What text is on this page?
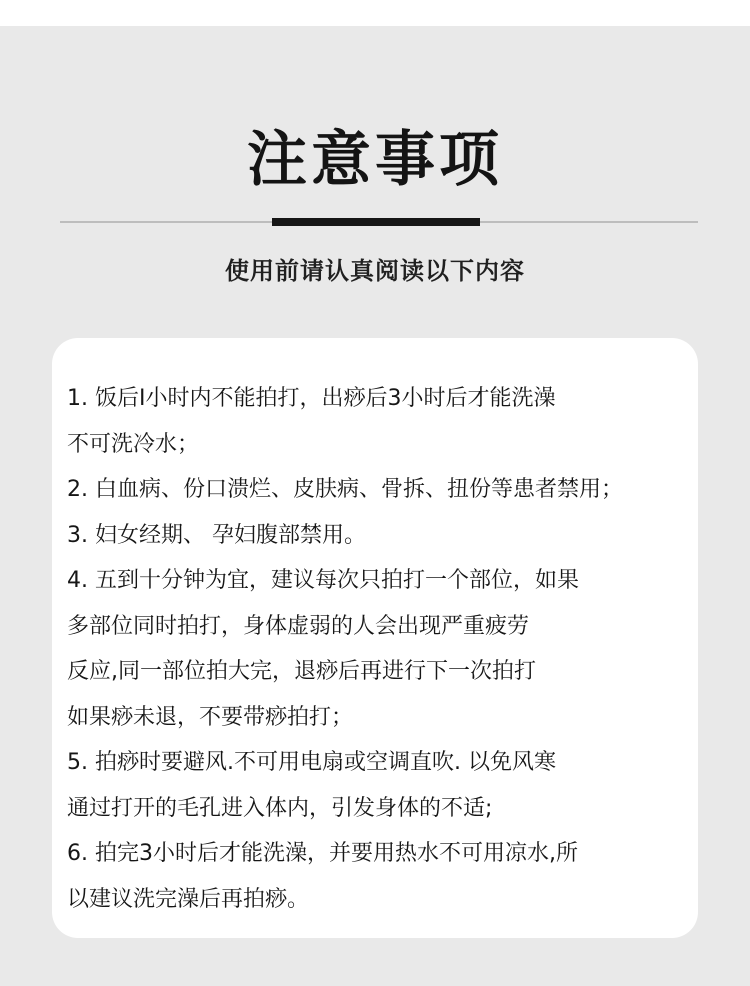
注意事项
使用前请认真阅读以下内容
1. 饭后I小时内不能拍打，出痧后3小时后才能洗澡
不可洗冷水；
2. 白血病、份口溃烂、皮肤病、骨拆、扭份等患者禁用；
3. 妇女经期、 孕妇腹部禁用。
4. 五到十分钟为宜，建议每次只拍打一个部位，如果
多部位同时拍打，身体虚弱的人会出现严重疲劳
反应,同一部位拍大完，退痧后再进行下一次拍打
如果痧未退，不要带痧拍打；
5. 拍痧时要避风.不可用电扇或空调直吹. 以免风寒
通过打开的毛孔进入体内，引发身体的不适;
6. 拍完3小时后才能洗澡，并要用热水不可用凉水,所
以建议洗完澡后再拍痧。
